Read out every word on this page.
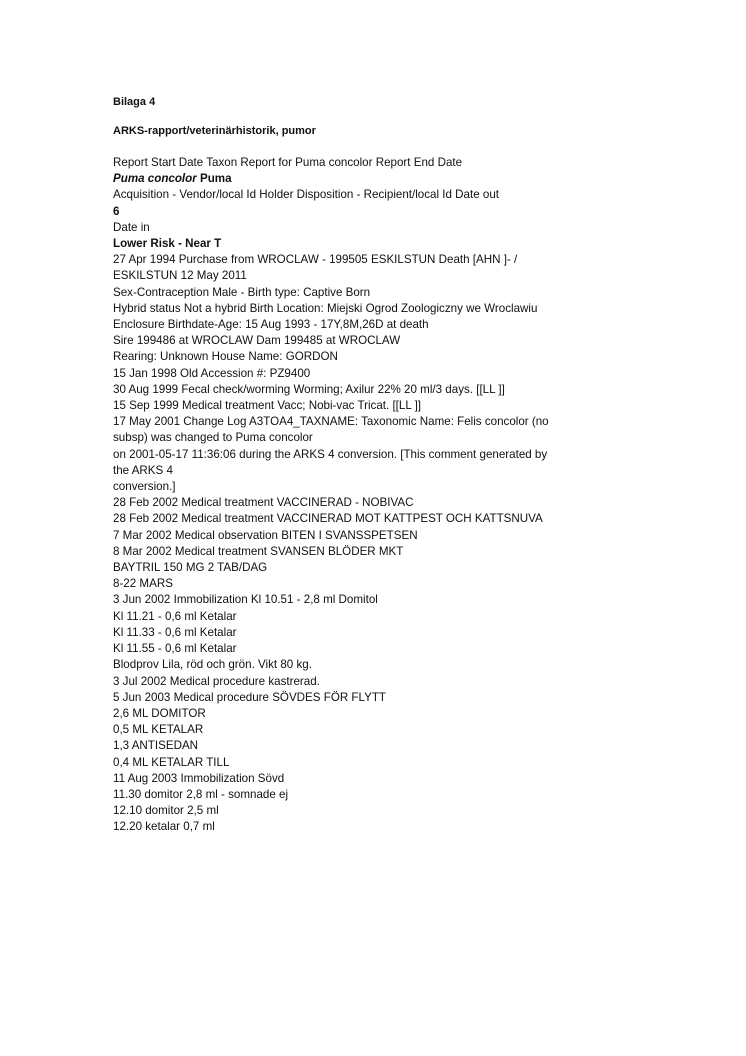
Bilaga 4

ARKS-rapport/veterinärhistorik, pumor

Report Start Date Taxon Report for Puma concolor Report End Date
Puma concolor Puma
Acquisition - Vendor/local Id Holder Disposition - Recipient/local Id Date out
6
Date in
Lower Risk - Near T
27 Apr 1994 Purchase from WROCLAW - 199505 ESKILSTUN Death [AHN ]- /
ESKILSTUN 12 May 2011
Sex-Contraception Male - Birth type: Captive Born
Hybrid status Not a hybrid Birth Location: Miejski Ogrod Zoologiczny we Wroclawiu
Enclosure Birthdate-Age: 15 Aug 1993 - 17Y,8M,26D at death
Sire 199486 at WROCLAW Dam 199485 at WROCLAW
Rearing: Unknown House Name: GORDON
15 Jan 1998 Old Accession #: PZ9400
30 Aug 1999 Fecal check/worming Worming; Axilur 22% 20 ml/3 days. [[LL ]]
15 Sep 1999 Medical treatment Vacc; Nobi-vac Tricat. [[LL ]]
17 May 2001 Change Log A3TOA4_TAXNAME: Taxonomic Name: Felis concolor (no
subsp) was changed to Puma concolor
on 2001-05-17 11:36:06 during the ARKS 4 conversion. [This comment generated by
the ARKS 4
conversion.]
28 Feb 2002 Medical treatment VACCINERAD - NOBIVAC
28 Feb 2002 Medical treatment VACCINERAD MOT KATTPEST OCH KATTSNUVA
7 Mar 2002 Medical observation BITEN I SVANSSPETSEN
8 Mar 2002 Medical treatment SVANSEN BLÖDER MKT
BAYTRIL 150 MG 2 TAB/DAG
8-22 MARS
3 Jun 2002 Immobilization Kl 10.51 - 2,8 ml Domitol
Kl 11.21 - 0,6 ml Ketalar
Kl 11.33 - 0,6 ml Ketalar
Kl 11.55 - 0,6 ml Ketalar
Blodprov Lila, röd och grön. Vikt 80 kg.
3 Jul 2002 Medical procedure kastrerad.
5 Jun 2003 Medical procedure SÖVDES FÖR FLYTT
2,6 ML DOMITOR
0,5 ML KETALAR
1,3 ANTISEDAN
0,4 ML KETALAR TILL
11 Aug 2003 Immobilization Sövd
11.30 domitor 2,8 ml - somnade ej
12.10 domitor 2,5 ml
12.20 ketalar 0,7 ml
